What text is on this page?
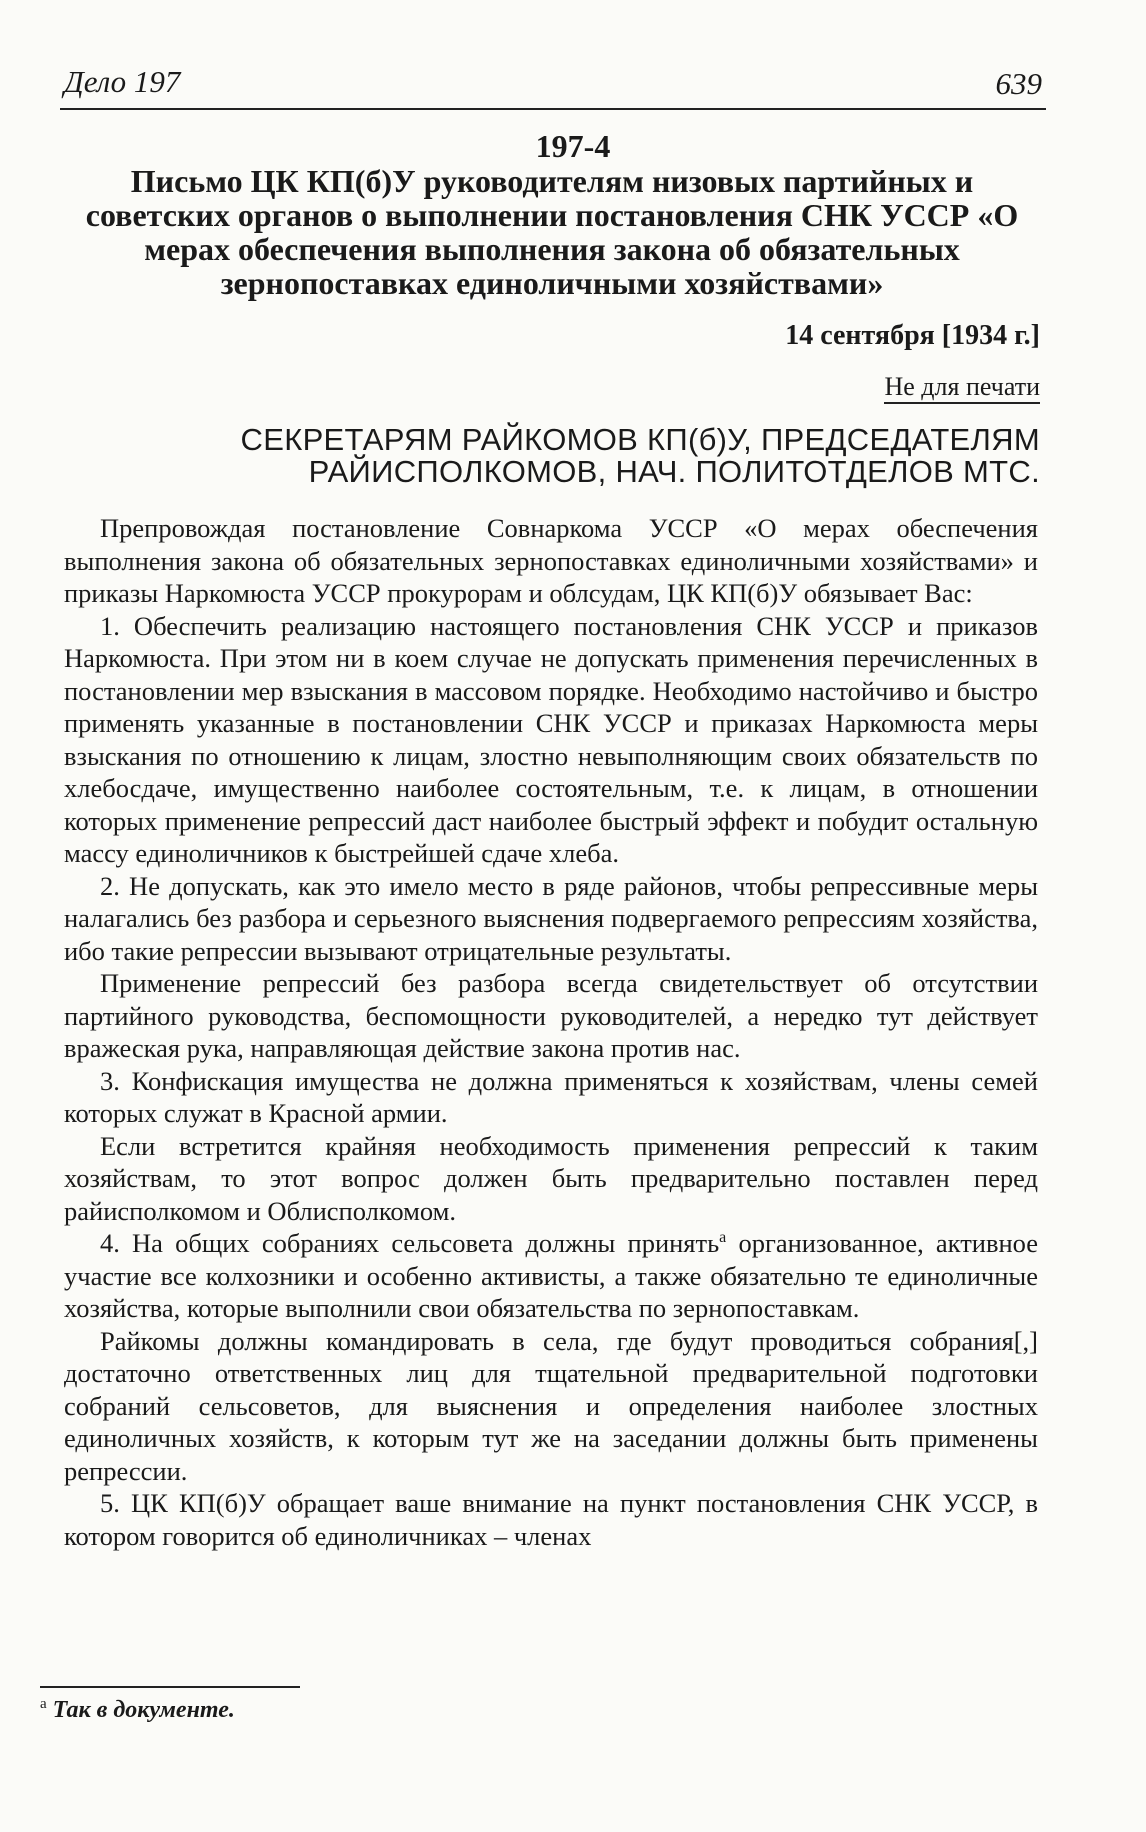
Дело 197	639
197-4
Письмо ЦК КП(б)У руководителям низовых партийных и советских органов о выполнении постановления СНК УССР «О мерах обеспечения выполнения закона об обязательных зернопоставках единоличными хозяйствами»
14 сентября [1934 г.]
Не для печати
СЕКРЕТАРЯМ РАЙКОМОВ КП(б)У, ПРЕДСЕДАТЕЛЯМ РАЙИСПОЛКОМОВ, НАЧ. ПОЛИТОТДЕЛОВ МТС.

Препровождая постановление Совнаркома УССР «О мерах обеспечения выполнения закона об обязательных зернопоставках единоличными хозяйствами» и приказы Наркомюста УССР прокурорам и облсудам, ЦК КП(б)У обязывает Вас:

1. Обеспечить реализацию настоящего постановления СНК УССР и приказов Наркомюста. При этом ни в коем случае не допускать применения перечисленных в постановлении мер взыскания в массовом порядке. Необходимо настойчиво и быстро применять указанные в постановлении СНК УССР и приказах Наркомюста меры взыскания по отношению к лицам, злостно невыполняющим своих обязательств по хлебосдаче, имущественно наиболее состоятельным, т.е. к лицам, в отношении которых применение репрессий даст наиболее быстрый эффект и побудит остальную массу единоличников к быстрейшей сдаче хлеба.

2. Не допускать, как это имело место в ряде районов, чтобы репрессивные меры налагались без разбора и серьезного выяснения подвергаемого репрессиям хозяйства, ибо такие репрессии вызывают отрицательные результаты.

Применение репрессий без разбора всегда свидетельствует об отсутствии партийного руководства, беспомощности руководителей, а нередко тут действует вражеская рука, направляющая действие закона против нас.

3. Конфискация имущества не должна применяться к хозяйствам, члены семей которых служат в Красной армии.

Если встретится крайняя необходимость применения репрессий к таким хозяйствам, то этот вопрос должен быть предварительно поставлен перед райисполкомом и Облисполкомом.

4. На общих собраниях сельсовета должны принять$^а$ организованное, активное участие все колхозники и особенно активисты, а также обязательно те единоличные хозяйства, которые выполнили свои обязательства по зернопоставкам.

Райкомы должны командировать в села, где будут проводиться собрания[,] достаточно ответственных лиц для тщательной предварительной подготовки собраний сельсоветов, для выяснения и определения наиболее злостных единоличных хозяйств, к которым тут же на заседании должны быть применены репрессии.

5. ЦК КП(б)У обращает ваше внимание на пункт постановления СНК УССР, в котором говорится об единоличниках – членах

$^а$ Так в документе.
